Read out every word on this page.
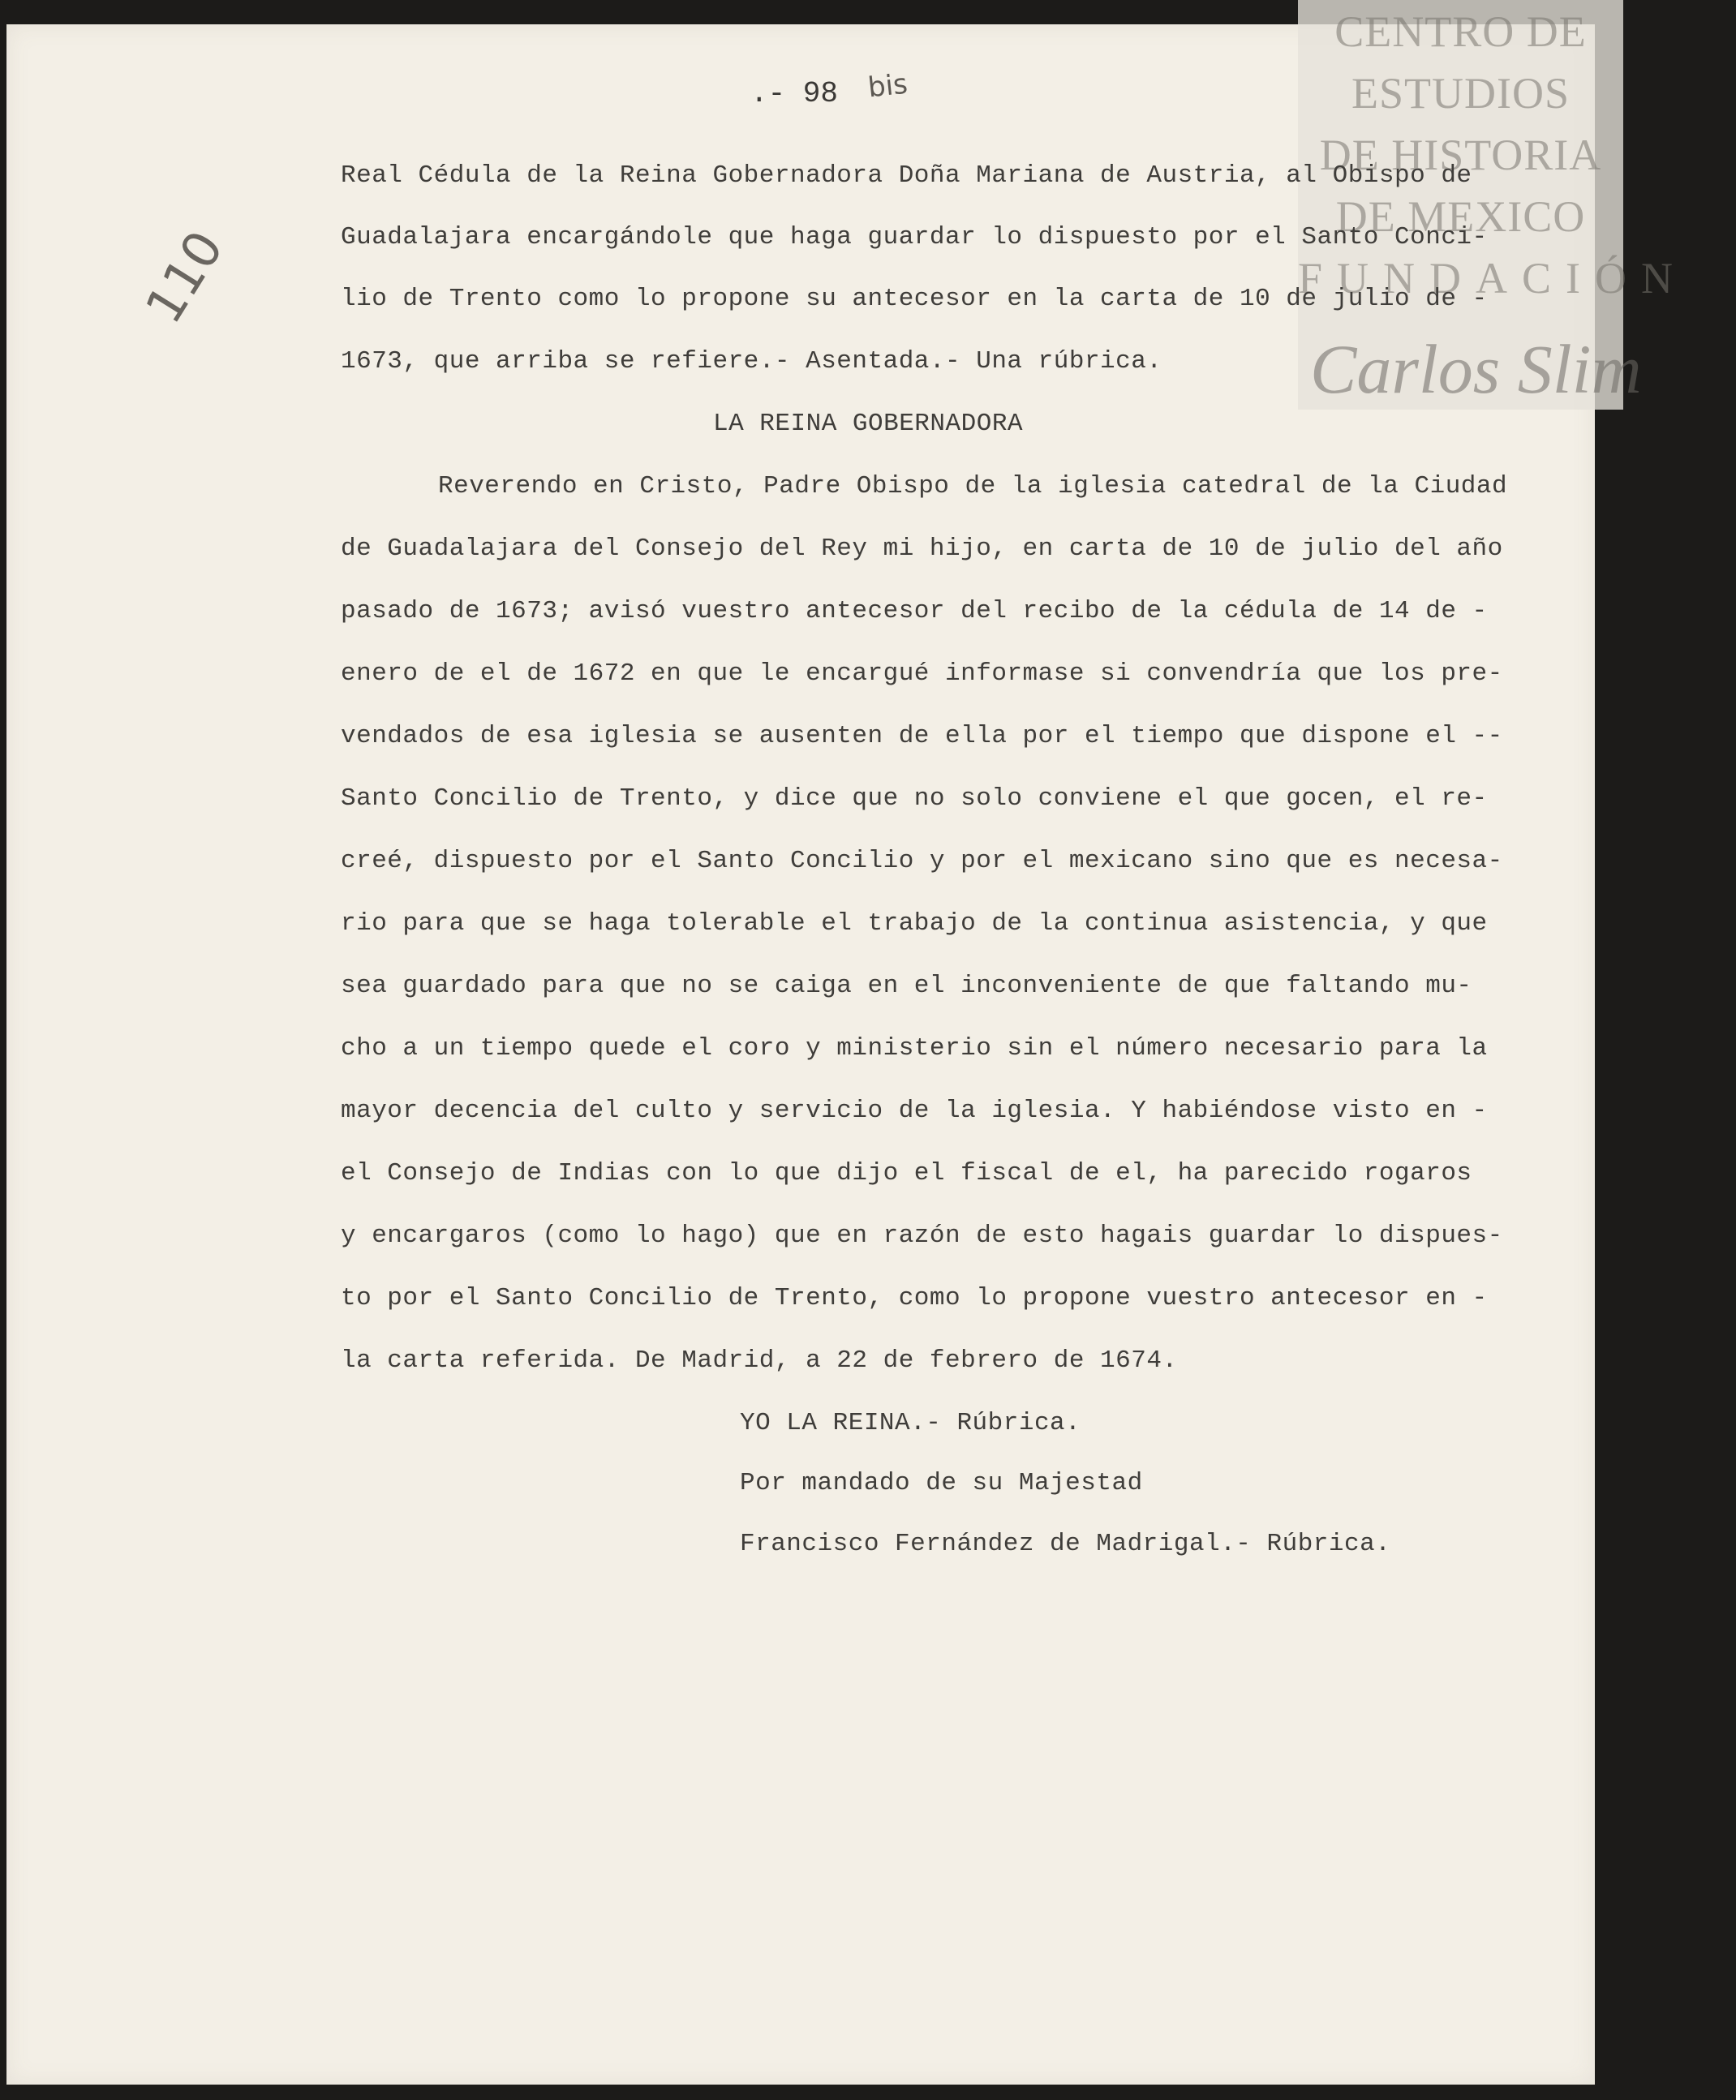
CENTRO DE
ESTUDIOS
DE HISTORIA
DE MEXICO
FUNDACIÓN
Carlos Slim
.- 98 bis
110
Real Cédula de la Reina Gobernadora Doña Mariana de Austria, al Obispo de
Guadalajara encargándole que haga guardar lo dispuesto por el Santo Conci-
lio de Trento como lo propone su antecesor en la carta de 10 de julio de -
1673, que arriba se refiere.- Asentada.- Una rúbrica.
LA REINA GOBERNADORA
Reverendo en Cristo, Padre Obispo de la iglesia catedral de la Ciudad
de Guadalajara del Consejo del Rey mi hijo, en carta de 10 de julio del año
pasado de 1673; avisó vuestro antecesor del recibo de la cédula de 14 de -
enero de el de 1672 en que le encargué informase si convendría que los pre-
vendados de esa iglesia se ausenten de ella por el tiempo que dispone el --
Santo Concilio de Trento, y dice que no solo conviene el que gocen, el re-
creé, dispuesto por el Santo Concilio y por el mexicano sino que es necesa-
rio para que se haga tolerable el trabajo de la continua asistencia, y que
sea guardado para que no se caiga en el inconveniente de que faltando mu-
cho a un tiempo quede el coro y ministerio sin el número necesario para la
mayor decencia del culto y servicio de la iglesia. Y habiéndose visto en -
el Consejo de Indias con lo que dijo el fiscal de el, ha parecido rogaros
y encargaros (como lo hago) que en razón de esto hagais guardar lo dispues-
to por el Santo Concilio de Trento, como lo propone vuestro antecesor en -
la carta referida. De Madrid, a 22 de febrero de 1674.
YO LA REINA.- Rúbrica.
Por mandado de su Majestad
Francisco Fernández de Madrigal.- Rúbrica.
